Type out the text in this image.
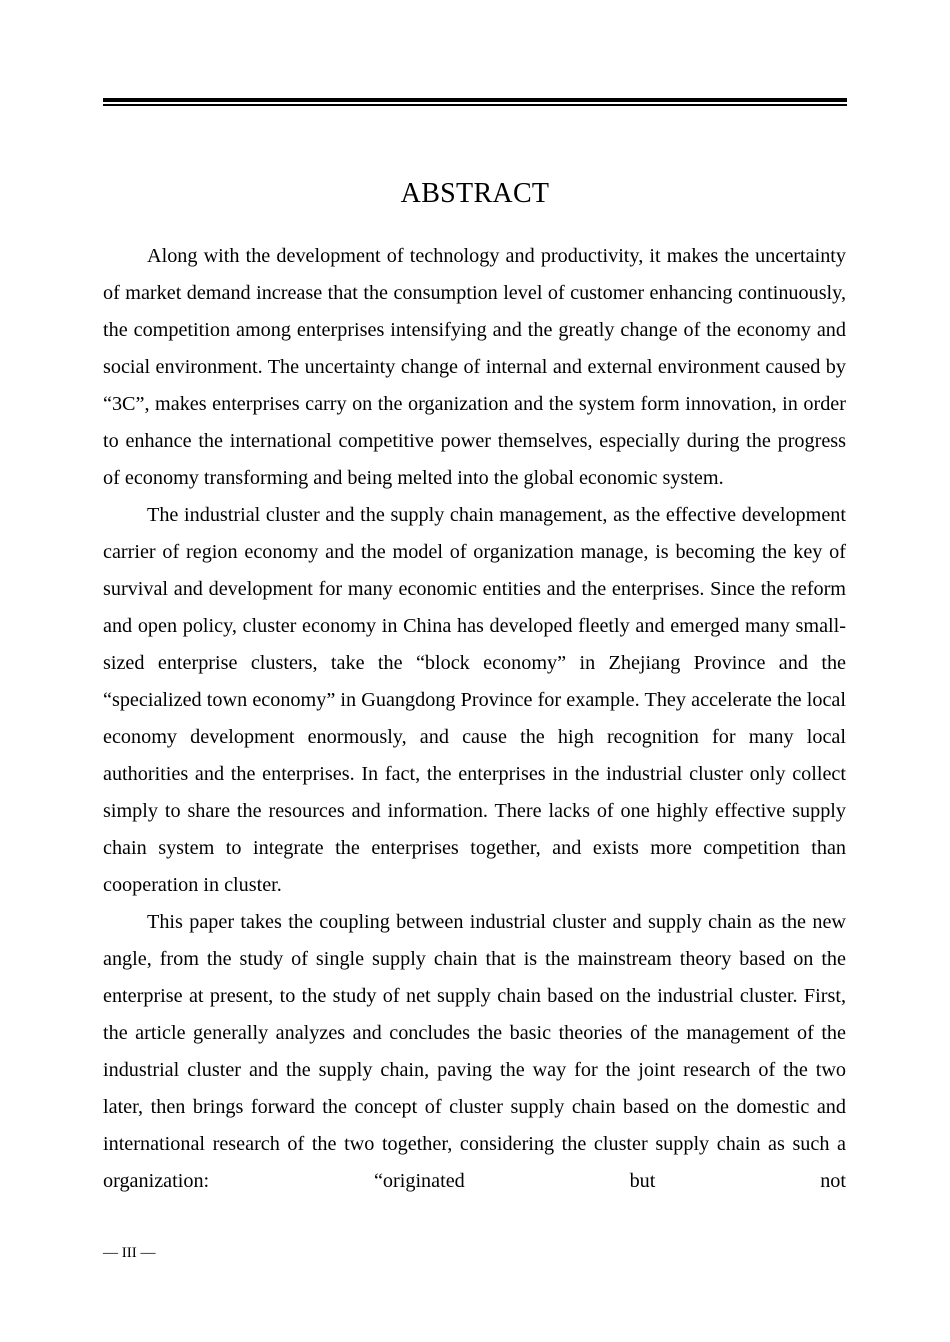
ABSTRACT

Along with the development of technology and productivity, it makes the uncertainty of market demand increase that the consumption level of customer enhancing continuously, the competition among enterprises intensifying and the greatly change of the economy and social environment. The uncertainty change of internal and external environment caused by “3C”, makes enterprises carry on the organization and the system form innovation, in order to enhance the international competitive power themselves, especially during the progress of economy transforming and being melted into the global economic system.

The industrial cluster and the supply chain management, as the effective development carrier of region economy and the model of organization manage, is becoming the key of survival and development for many economic entities and the enterprises. Since the reform and open policy, cluster economy in China has developed fleetly and emerged many small-sized enterprise clusters, take the “block economy” in Zhejiang Province and the “specialized town economy” in Guangdong Province for example. They accelerate the local economy development enormously, and cause the high recognition for many local authorities and the enterprises. In fact, the enterprises in the industrial cluster only collect simply to share the resources and information. There lacks of one highly effective supply chain system to integrate the enterprises together, and exists more competition than cooperation in cluster.

This paper takes the coupling between industrial cluster and supply chain as the new angle, from the study of single supply chain that is the mainstream theory based on the enterprise at present, to the study of net supply chain based on the industrial cluster. First, the article generally analyzes and concludes the basic theories of the management of the industrial cluster and the supply chain, paving the way for the joint research of the two later, then brings forward the concept of cluster supply chain based on the domestic and international research of the two together, considering the cluster supply chain as such a organization: “originated but not

— III —
